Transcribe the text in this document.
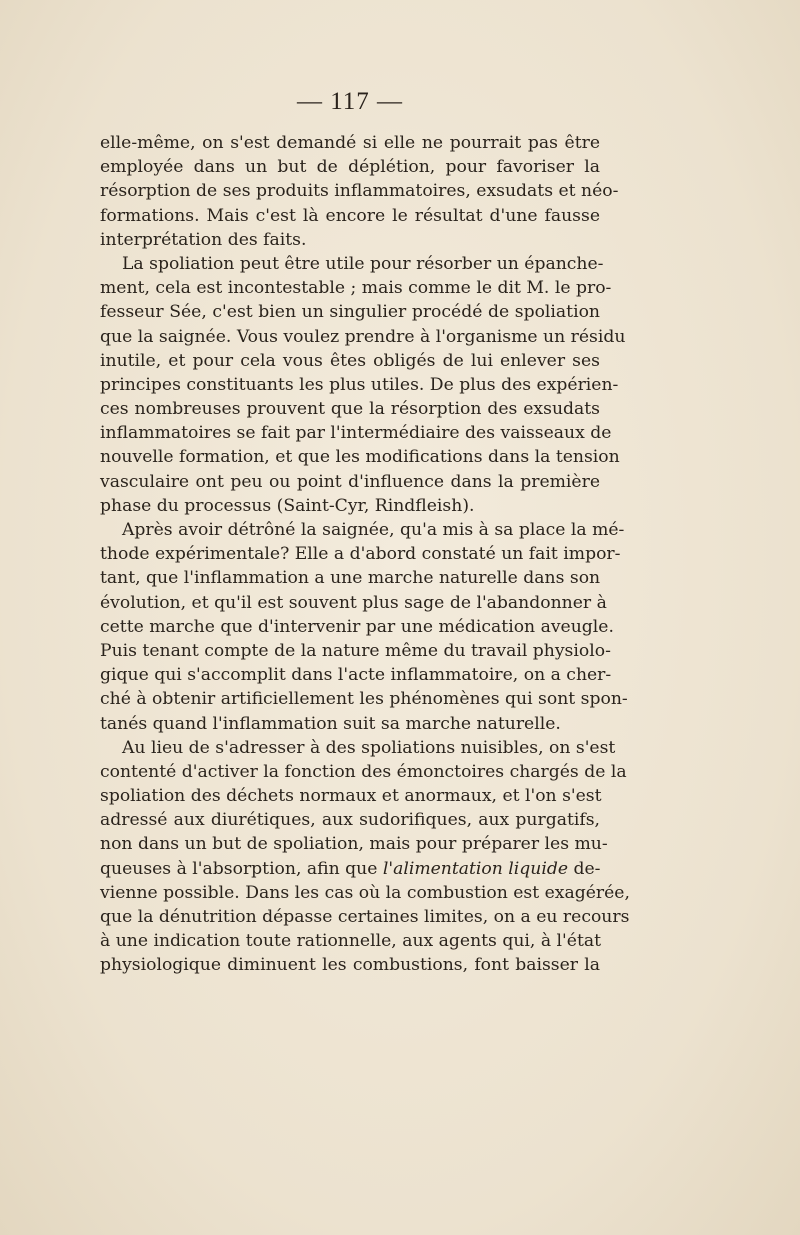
— 117 —
elle-même, on s'est demandé si elle ne pourrait pas être
employée dans un but de déplétion, pour favoriser la
résorption de ses produits inflammatoires, exsudats et néo-
formations. Mais c'est là encore le résultat d'une fausse
interprétation des faits.
La spoliation peut être utile pour résorber un épanche-
ment, cela est incontestable ; mais comme le dit M. le pro-
fesseur Sée, c'est bien un singulier procédé de spoliation
que la saignée. Vous voulez prendre à l'organisme un résidu
inutile, et pour cela vous êtes obligés de lui enlever ses
principes constituants les plus utiles. De plus des expérien-
ces nombreuses prouvent que la résorption des exsudats
inflammatoires se fait par l'intermédiaire des vaisseaux de
nouvelle formation, et que les modifications dans la tension
vasculaire ont peu ou point d'influence dans la première
phase du processus (Saint-Cyr, Rindfleish).
Après avoir détrôné la saignée, qu'a mis à sa place la mé-
thode expérimentale? Elle a d'abord constaté un fait impor-
tant, que l'inflammation a une marche naturelle dans son
évolution, et qu'il est souvent plus sage de l'abandonner à
cette marche que d'intervenir par une médication aveugle.
Puis tenant compte de la nature même du travail physiolo-
gique qui s'accomplit dans l'acte inflammatoire, on a cher-
ché à obtenir artificiellement les phénomènes qui sont spon-
tanés quand l'inflammation suit sa marche naturelle.
Au lieu de s'adresser à des spoliations nuisibles, on s'est
contenté d'activer la fonction des émonctoires chargés de la
spoliation des déchets normaux et anormaux, et l'on s'est
adressé aux diurétiques, aux sudorifiques, aux purgatifs,
non dans un but de spoliation, mais pour préparer les mu-
queuses à l'absorption, afin que l'alimentation liquide de-
vienne possible. Dans les cas où la combustion est exagérée,
que la dénutrition dépasse certaines limites, on a eu recours
à une indication toute rationnelle, aux agents qui, à l'état
physiologique diminuent les combustions, font baisser la
